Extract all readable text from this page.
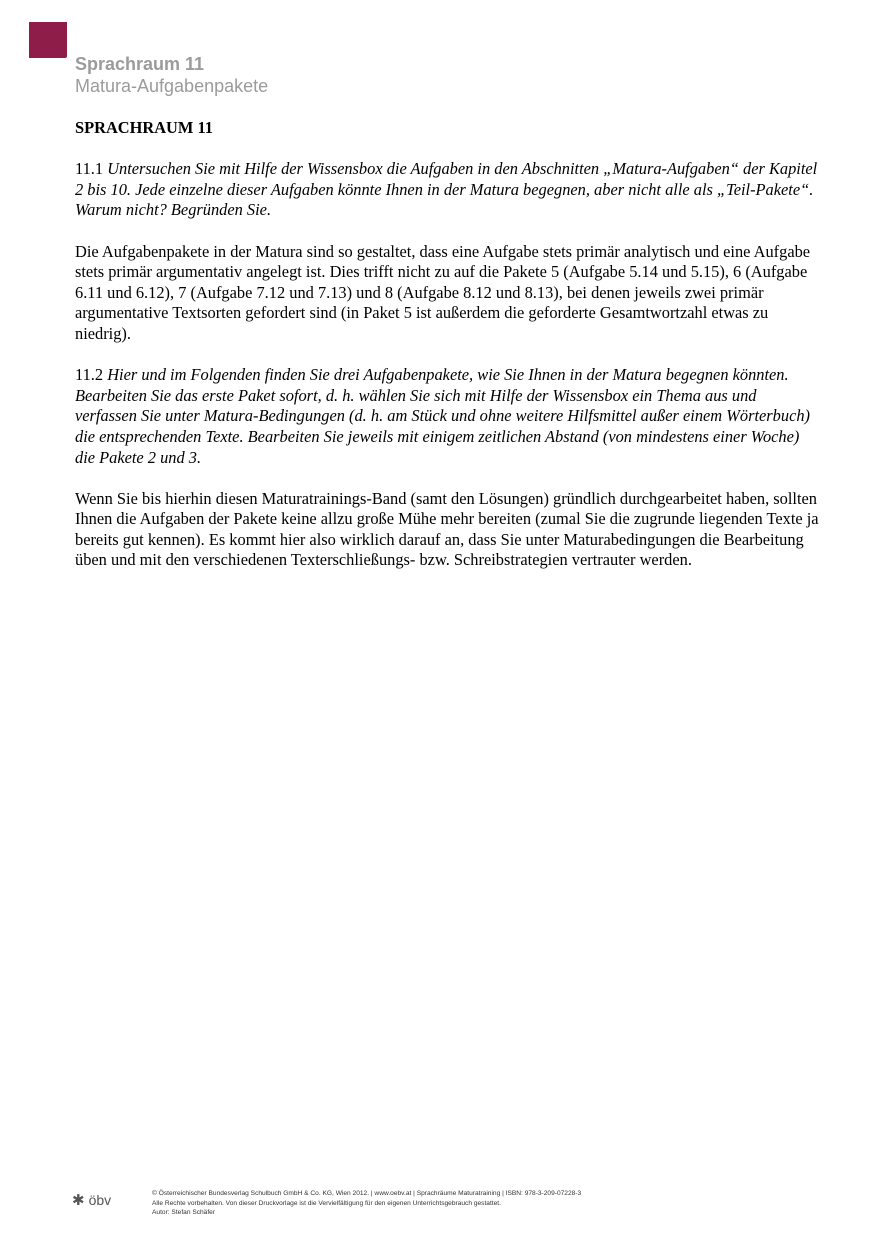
Sprachraum 11
Matura-Aufgabenpakete
SPRACHRAUM 11

11.1 Untersuchen Sie mit Hilfe der Wissensbox die Aufgaben in den Abschnitten „Matura-Aufgaben“ der Kapitel 2 bis 10. Jede einzelne dieser Aufgaben könnte Ihnen in der Matura begegnen, aber nicht alle als „Teil-Pakete“. Warum nicht? Begründen Sie.

Die Aufgabenpakete in der Matura sind so gestaltet, dass eine Aufgabe stets primär analytisch und eine Aufgabe stets primär argumentativ angelegt ist. Dies trifft nicht zu auf die Pakete 5 (Aufgabe 5.14 und 5.15), 6 (Aufgabe 6.11 und 6.12), 7 (Aufgabe 7.12 und 7.13) und 8 (Aufgabe 8.12 und 8.13), bei denen jeweils zwei primär argumentative Textsorten gefordert sind (in Paket 5 ist außerdem die geforderte Gesamtwortzahl etwas zu niedrig).

11.2 Hier und im Folgenden finden Sie drei Aufgabenpakete, wie Sie Ihnen in der Matura begegnen könnten.
Bearbeiten Sie das erste Paket sofort, d. h. wählen Sie sich mit Hilfe der Wissensbox ein Thema aus und verfassen Sie unter Matura-Bedingungen (d. h. am Stück und ohne weitere Hilfsmittel außer einem Wörterbuch) die entsprechenden Texte. Bearbeiten Sie jeweils mit einigem zeitlichen Abstand (von mindestens einer Woche) die Pakete 2 und 3.

Wenn Sie bis hierhin diesen Maturatrainings-Band (samt den Lösungen) gründlich durchgearbeitet haben, sollten Ihnen die Aufgaben der Pakete keine allzu große Mühe mehr bereiten (zumal Sie die zugrunde liegenden Texte ja bereits gut kennen). Es kommt hier also wirklich darauf an, dass Sie unter Maturabedingungen die Bearbeitung üben und mit den verschiedenen Texterschließungs- bzw. Schreibstrategien vertrauter werden.

✱ öbv	© Österreichischer Bundesverlag Schulbuch GmbH & Co. KG, Wien 2012. | www.oebv.at | Sprachräume Maturatraining | ISBN: 978-3-209-07228-3
Alle Rechte vorbehalten. Von dieser Druckvorlage ist die Vervielfältigung für den eigenen Unterrichtsgebrauch gestattet.
Autor: Stefan Schäfer
